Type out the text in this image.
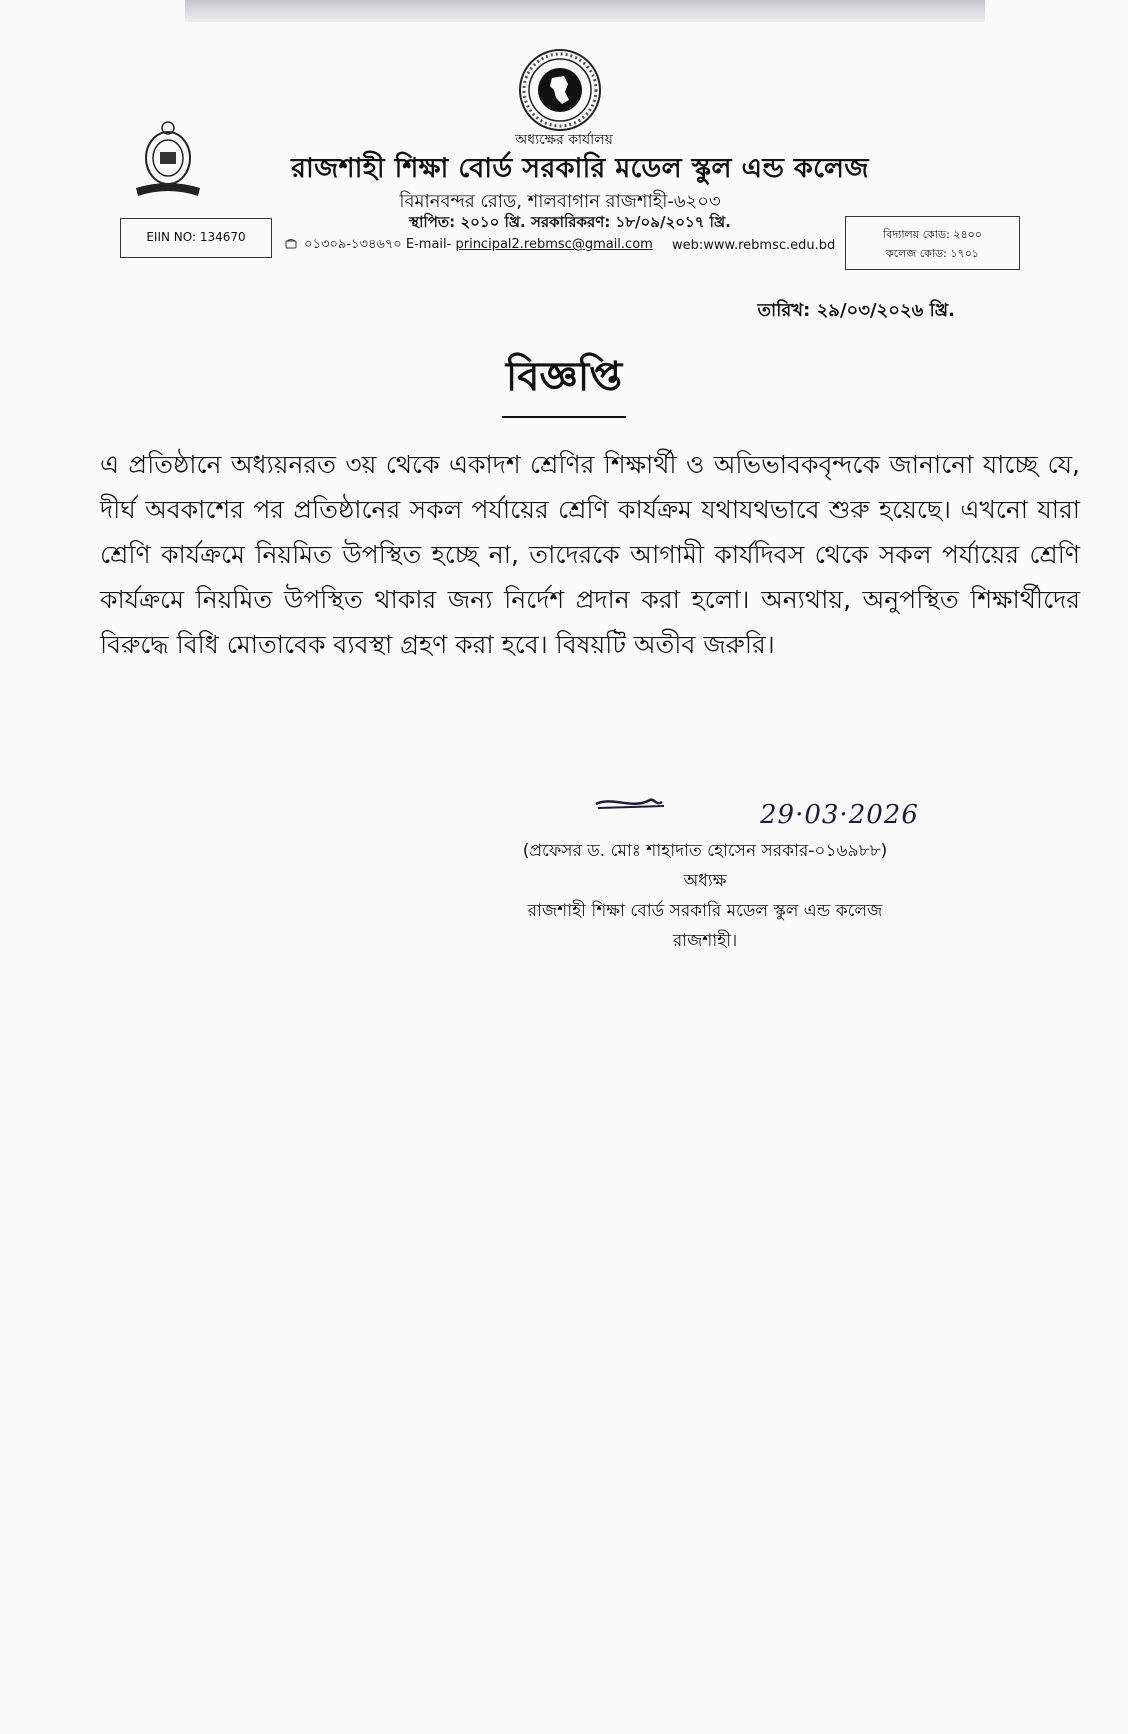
অধ্যক্ষের কার্যালয়
রাজশাহী শিক্ষা বোর্ড সরকারি মডেল স্কুল এন্ড কলেজ
বিমানবন্দর রোড, শালবাগান রাজশাহী-৬২০৩
স্থাপিত: ২০১০ খ্রি. সরকারিকরণ: ১৮/০৯/২০১৭ খ্রি.
EIIN NO: 134670	০১৩০৯-১৩৪৬৭০ E-mail- principal2.rebmsc@gmail.com web:www.rebmsc.edu.bd
বিদ্যালয় কোড: ২৪০০
কলেজ কোড: ১৭০১
তারিখ: ২৯/০৩/২০২৬ খ্রি.
বিজ্ঞপ্তি
এ প্রতিষ্ঠানে অধ্যয়নরত ৩য় থেকে একাদশ শ্রেণির শিক্ষার্থী ও অভিভাবকবৃন্দকে জানানো যাচ্ছে যে, দীর্ঘ অবকাশের পর প্রতিষ্ঠানের সকল পর্যায়ের শ্রেণি কার্যক্রম যথাযথভাবে শুরু হয়েছে। এখনো যারা শ্রেণি কার্যক্রমে নিয়মিত উপস্থিত হচ্ছে না, তাদেরকে আগামী কার্যদিবস থেকে সকল পর্যায়ের শ্রেণি কার্যক্রমে নিয়মিত উপস্থিত থাকার জন্য নির্দেশ প্রদান করা হলো। অন্যথায়, অনুপস্থিত শিক্ষার্থীদের বিরুদ্ধে বিধি মোতাবেক ব্যবস্থা গ্রহণ করা হবে। বিষয়টি অতীব জরুরি।
29·03·2026
(প্রফেসর ড. মোঃ শাহাদাত হোসেন সরকার-০১৬৯৮৮)
অধ্যক্ষ
রাজশাহী শিক্ষা বোর্ড সরকারি মডেল স্কুল এন্ড কলেজ
রাজশাহী।
